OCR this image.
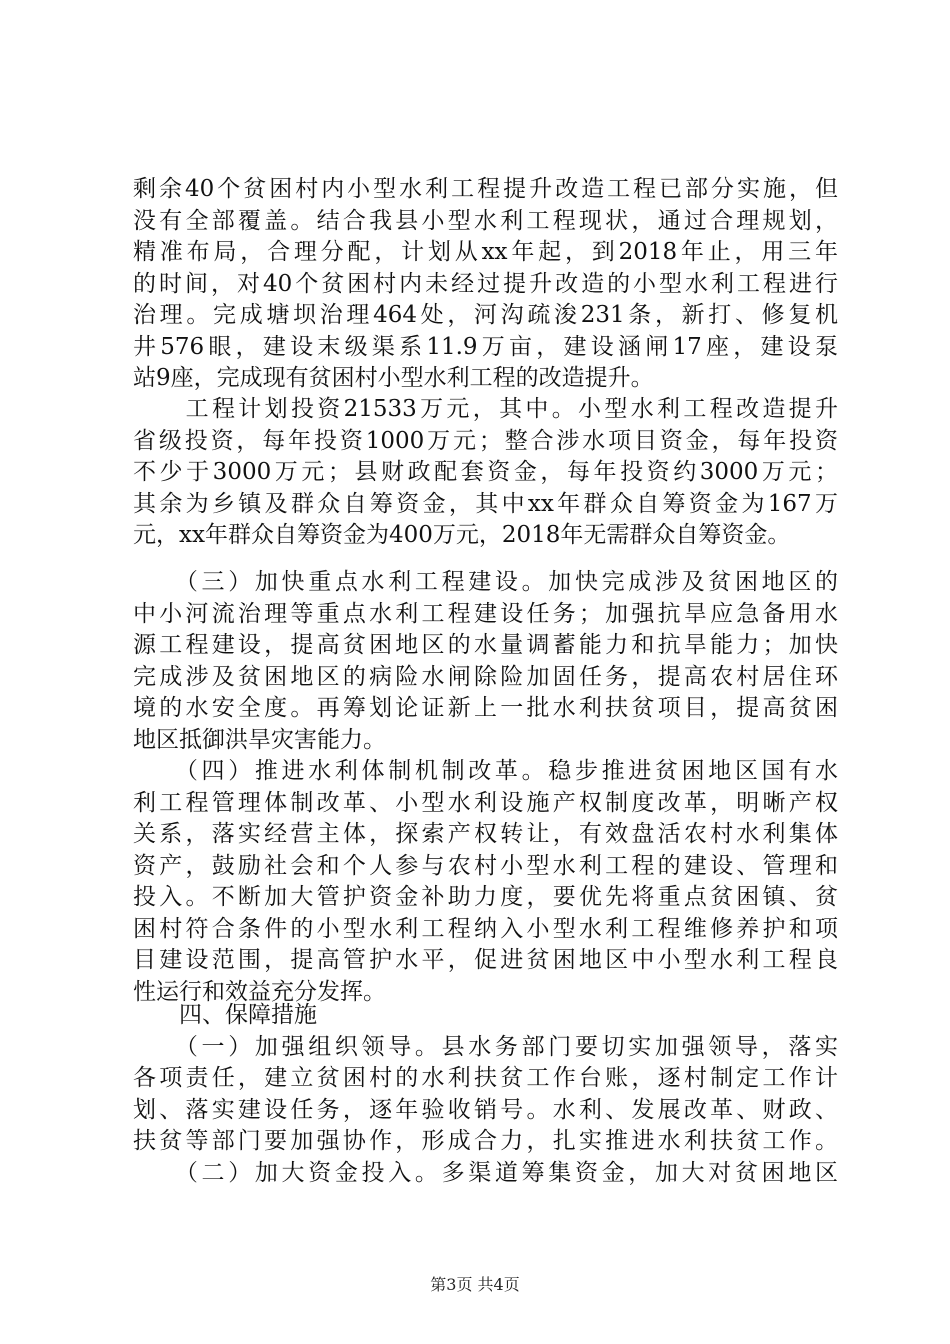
剩余40个贫困村内小型水利工程提升改造工程已部分实施，但
没有全部覆盖。结合我县小型水利工程现状，通过合理规划，
精准布局，合理分配，计划从xx年起，到2018年止，用三年
的时间，对40个贫困村内未经过提升改造的小型水利工程进行
治理。完成塘坝治理464处，河沟疏浚231条，新打、修复机
井576眼，建设末级渠系11.9万亩，建设涵闸17座，建设泵
站9座，完成现有贫困村小型水利工程的改造提升。
　　工程计划投资21533万元，其中。小型水利工程改造提升
省级投资，每年投资1000万元；整合涉水项目资金，每年投资
不少于3000万元；县财政配套资金，每年投资约3000万元；
其余为乡镇及群众自筹资金，其中xx年群众自筹资金为167万
元，xx年群众自筹资金为400万元，2018年无需群众自筹资金。
　　（三）加快重点水利工程建设。加快完成涉及贫困地区的
中小河流治理等重点水利工程建设任务；加强抗旱应急备用水
源工程建设，提高贫困地区的水量调蓄能力和抗旱能力；加快
完成涉及贫困地区的病险水闸除险加固任务，提高农村居住环
境的水安全度。再筹划论证新上一批水利扶贫项目，提高贫困
地区抵御洪旱灾害能力。
　　（四）推进水利体制机制改革。稳步推进贫困地区国有水
利工程管理体制改革、小型水利设施产权制度改革，明晰产权
关系，落实经营主体，探索产权转让，有效盘活农村水利集体
资产，鼓励社会和个人参与农村小型水利工程的建设、管理和
投入。不断加大管护资金补助力度，要优先将重点贫困镇、贫
困村符合条件的小型水利工程纳入小型水利工程维修养护和项
目建设范围，提高管护水平，促进贫困地区中小型水利工程良
性运行和效益充分发挥。
　　四、保障措施
　　（一）加强组织领导。县水务部门要切实加强领导，落实
各项责任，建立贫困村的水利扶贫工作台账，逐村制定工作计
划、落实建设任务，逐年验收销号。水利、发展改革、财政、
扶贫等部门要加强协作，形成合力，扎实推进水利扶贫工作。
　　（二）加大资金投入。多渠道筹集资金，加大对贫困地区
第3页 共4页
